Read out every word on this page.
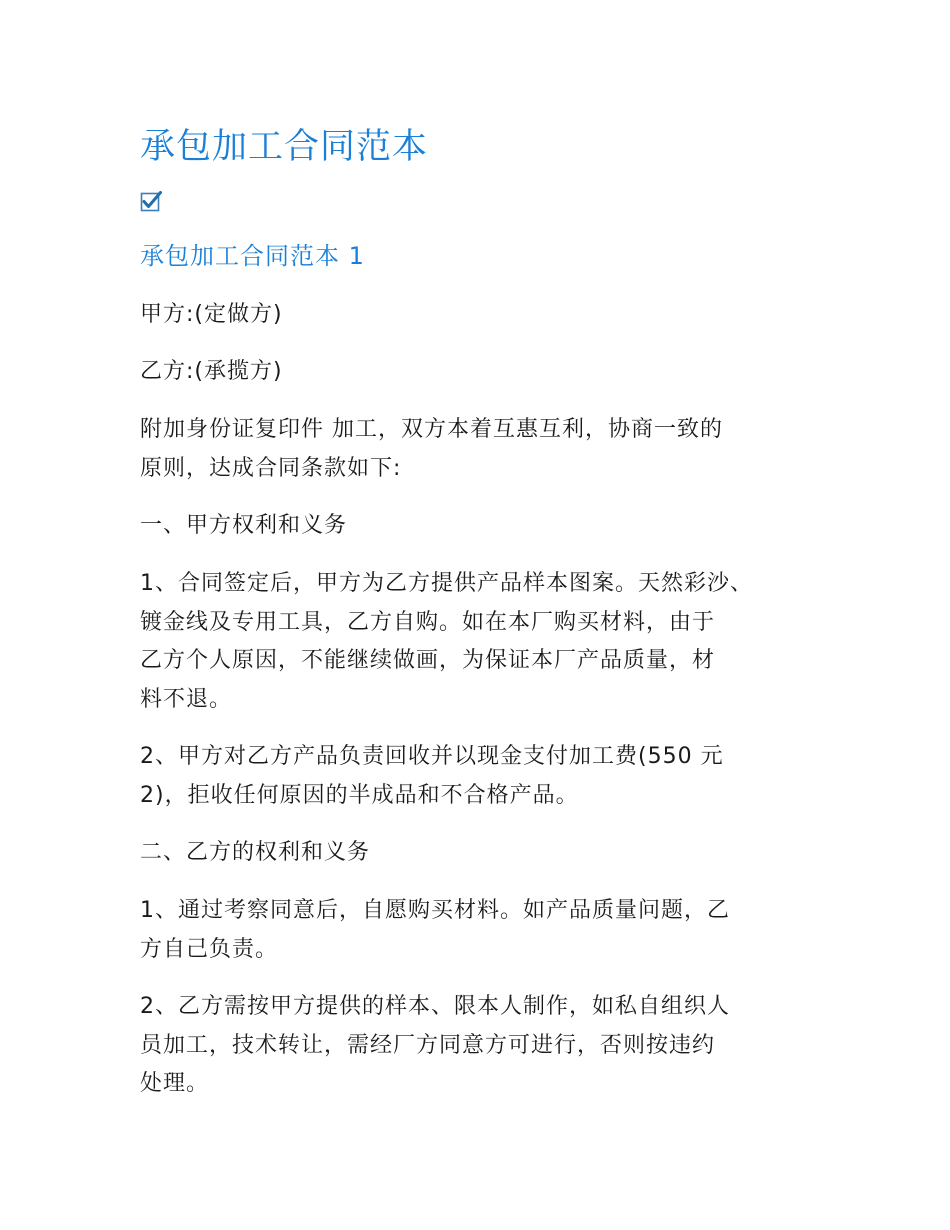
承包加工合同范本
承包加工合同范本 1

甲方:(定做方)

乙方:(承揽方)

附加身份证复印件 加工，双方本着互惠互利，协商一致的
原则，达成合同条款如下:

一、甲方权利和义务

1、合同签定后，甲方为乙方提供产品样本图案。天然彩沙、
镀金线及专用工具，乙方自购。如在本厂购买材料，由于
乙方个人原因，不能继续做画，为保证本厂产品质量，材
料不退。

2、甲方对乙方产品负责回收并以现金支付加工费(550 元
2)，拒收任何原因的半成品和不合格产品。

二、乙方的权利和义务

1、通过考察同意后，自愿购买材料。如产品质量问题，乙
方自己负责。

2、乙方需按甲方提供的样本、限本人制作，如私自组织人
员加工，技术转让，需经厂方同意方可进行，否则按违约
处理。
